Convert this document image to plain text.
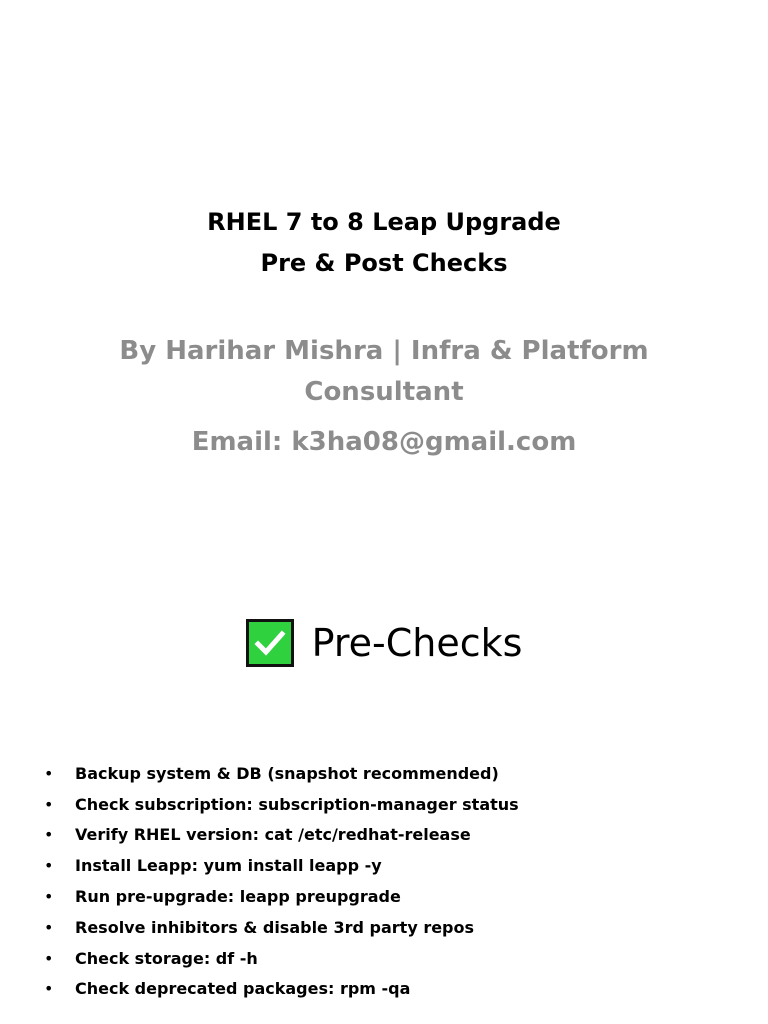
RHEL 7 to 8 Leap Upgrade
Pre & Post Checks
By Harihar Mishra | Infra & Platform Consultant
Email: k3ha08@gmail.com
Pre-Checks
•	Backup system & DB (snapshot recommended)
•	Check subscription: subscription-manager status
•	Verify RHEL version: cat /etc/redhat-release
•	Install Leapp: yum install leapp -y
•	Run pre-upgrade: leapp preupgrade
•	Resolve inhibitors & disable 3rd party repos
•	Check storage: df -h
•	Check deprecated packages: rpm -qa
